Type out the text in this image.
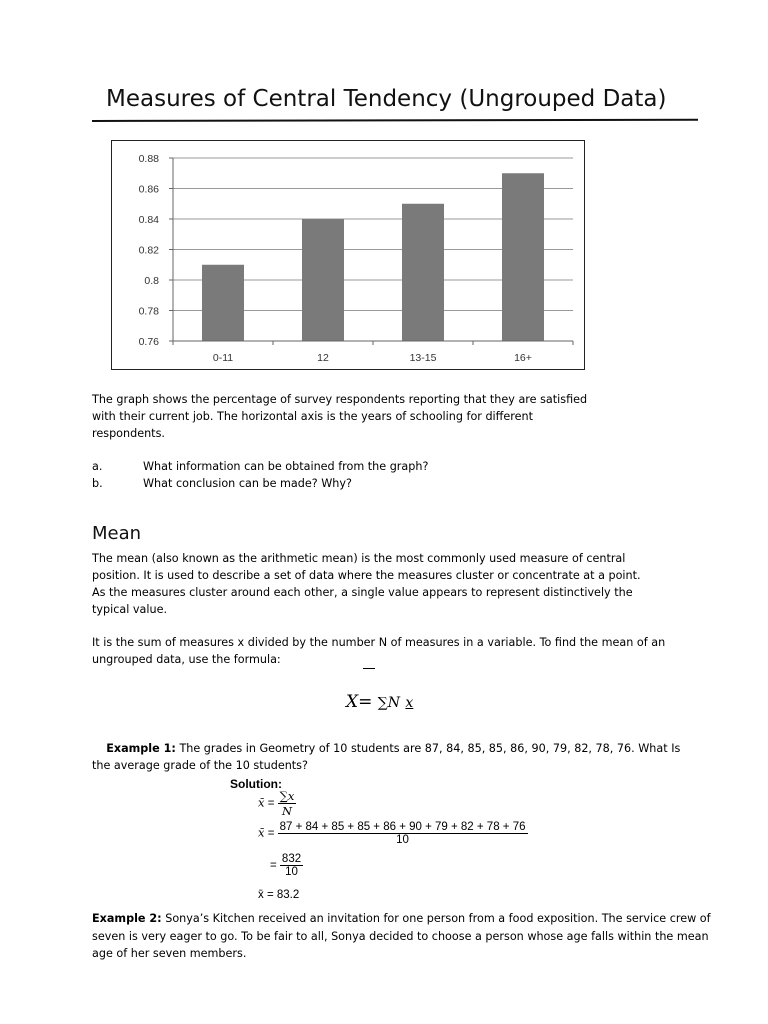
Measures of Central Tendency (Ungrouped Data)
0.76
0.78
0.8
0.82
0.84
0.86
0.88
0-11	12	13-15	16+

The graph shows the percentage of survey respondents reporting that they are satisfied

with their current job. The horizontal axis is the years of schooling for different

respondents.

a.	What information can be obtained from the graph?
b.	What conclusion can be made? Why?
Mean

The mean (also known as the arithmetic mean) is the most commonly used measure of central

position. It is used to describe a set of data where the measures cluster or concentrate at a point.

As the measures cluster around each other, a single value appears to represent distinctively the

typical value.

It is the sum of measures x divided by the number N of measures in a variable. To find the mean of an

ungrouped data, use the formula:

X= ∑N x

Example 1: The grades in Geometry of 10 students are 87, 84, 85, 85, 86, 90, 79, 82, 78, 76. What Is

the average grade of the 10 students?

Solution:
x̄ = $\frac{\sum x}{N}$
x̄ = $\frac{87 + 84 + 85 + 85 + 86 + 90 + 79 + 82 + 78 + 76}{10}$
= $\frac{832}{10}$
x̄ = 83.2

Example 2: Sonya’s Kitchen received an invitation for one person from a food exposition. The service crew of

seven is very eager to go. To be fair to all, Sonya decided to choose a person whose age falls within the mean

age of her seven members.
